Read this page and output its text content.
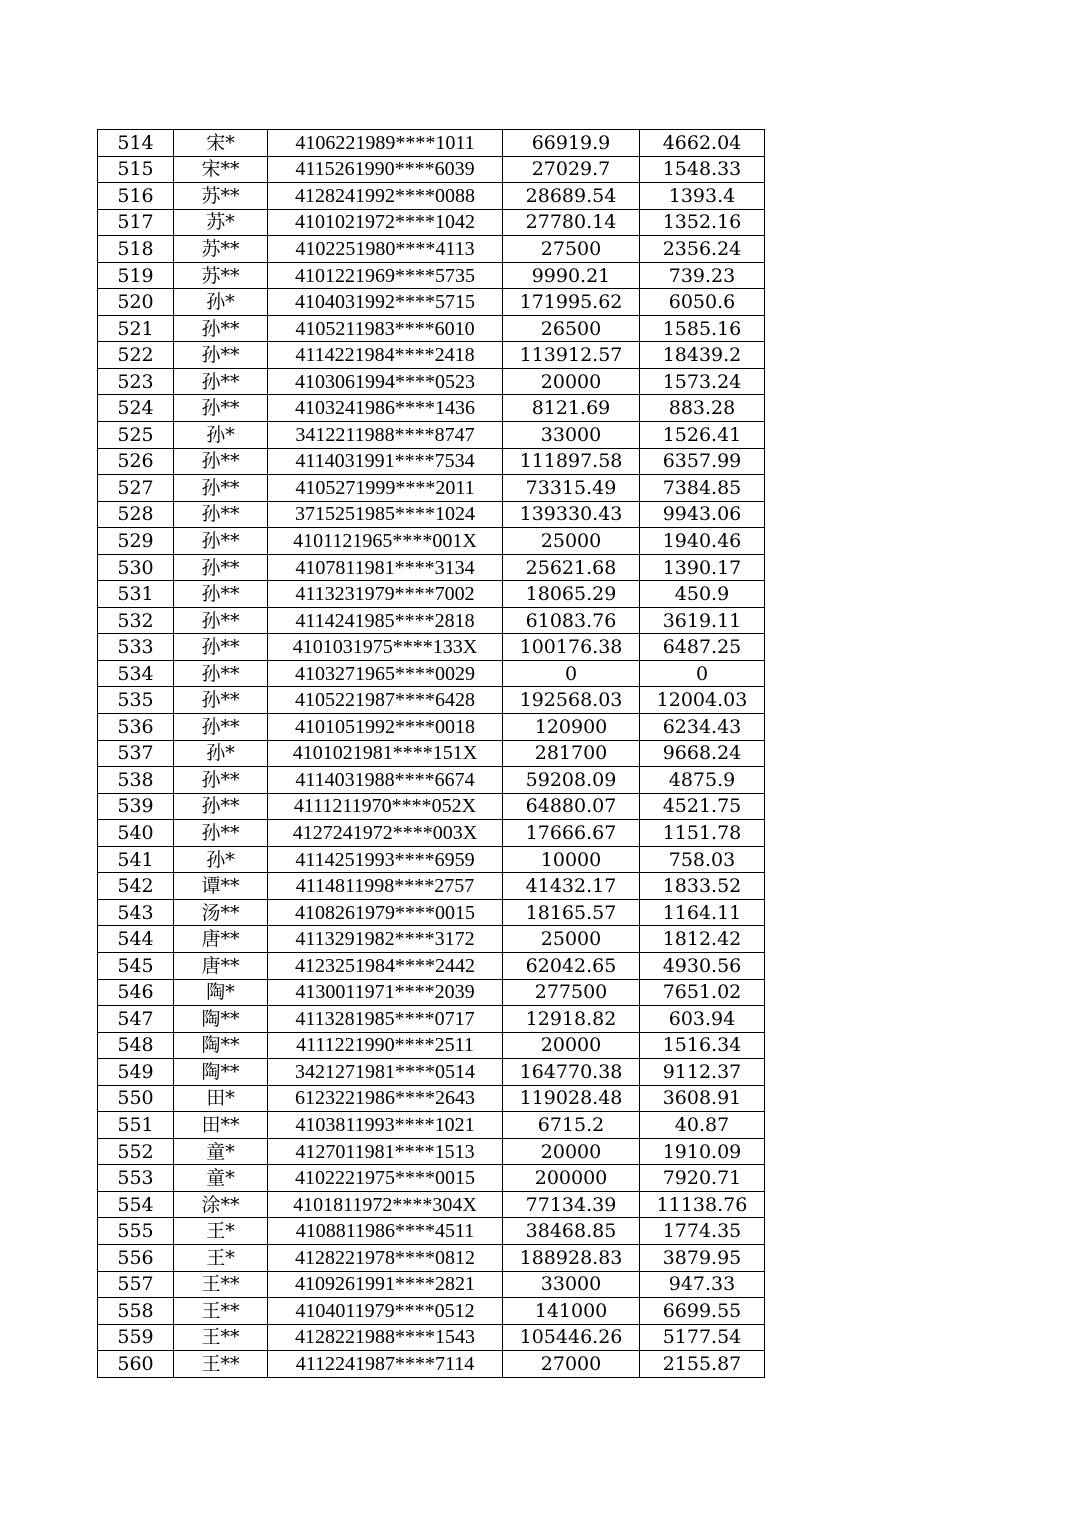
514	宋*	4106221989****1011	66919.9	4662.04
515	宋**	4115261990****6039	27029.7	1548.33
516	苏**	4128241992****0088	28689.54	1393.4
517	苏*	4101021972****1042	27780.14	1352.16
518	苏**	4102251980****4113	27500	2356.24
519	苏**	4101221969****5735	9990.21	739.23
520	孙*	4104031992****5715	171995.62	6050.6
521	孙**	4105211983****6010	26500	1585.16
522	孙**	4114221984****2418	113912.57	18439.2
523	孙**	4103061994****0523	20000	1573.24
524	孙**	4103241986****1436	8121.69	883.28
525	孙*	3412211988****8747	33000	1526.41
526	孙**	4114031991****7534	111897.58	6357.99
527	孙**	4105271999****2011	73315.49	7384.85
528	孙**	3715251985****1024	139330.43	9943.06
529	孙**	4101121965****001X	25000	1940.46
530	孙**	4107811981****3134	25621.68	1390.17
531	孙**	4113231979****7002	18065.29	450.9
532	孙**	4114241985****2818	61083.76	3619.11
533	孙**	4101031975****133X	100176.38	6487.25
534	孙**	4103271965****0029	0	0
535	孙**	4105221987****6428	192568.03	12004.03
536	孙**	4101051992****0018	120900	6234.43
537	孙*	4101021981****151X	281700	9668.24
538	孙**	4114031988****6674	59208.09	4875.9
539	孙**	4111211970****052X	64880.07	4521.75
540	孙**	4127241972****003X	17666.67	1151.78
541	孙*	4114251993****6959	10000	758.03
542	谭**	4114811998****2757	41432.17	1833.52
543	汤**	4108261979****0015	18165.57	1164.11
544	唐**	4113291982****3172	25000	1812.42
545	唐**	4123251984****2442	62042.65	4930.56
546	陶*	4130011971****2039	277500	7651.02
547	陶**	4113281985****0717	12918.82	603.94
548	陶**	4111221990****2511	20000	1516.34
549	陶**	3421271981****0514	164770.38	9112.37
550	田*	6123221986****2643	119028.48	3608.91
551	田**	4103811993****1021	6715.2	40.87
552	童*	4127011981****1513	20000	1910.09
553	童*	4102221975****0015	200000	7920.71
554	涂**	4101811972****304X	77134.39	11138.76
555	王*	4108811986****4511	38468.85	1774.35
556	王*	4128221978****0812	188928.83	3879.95
557	王**	4109261991****2821	33000	947.33
558	王**	4104011979****0512	141000	6699.55
559	王**	4128221988****1543	105446.26	5177.54
560	王**	4112241987****7114	27000	2155.87
